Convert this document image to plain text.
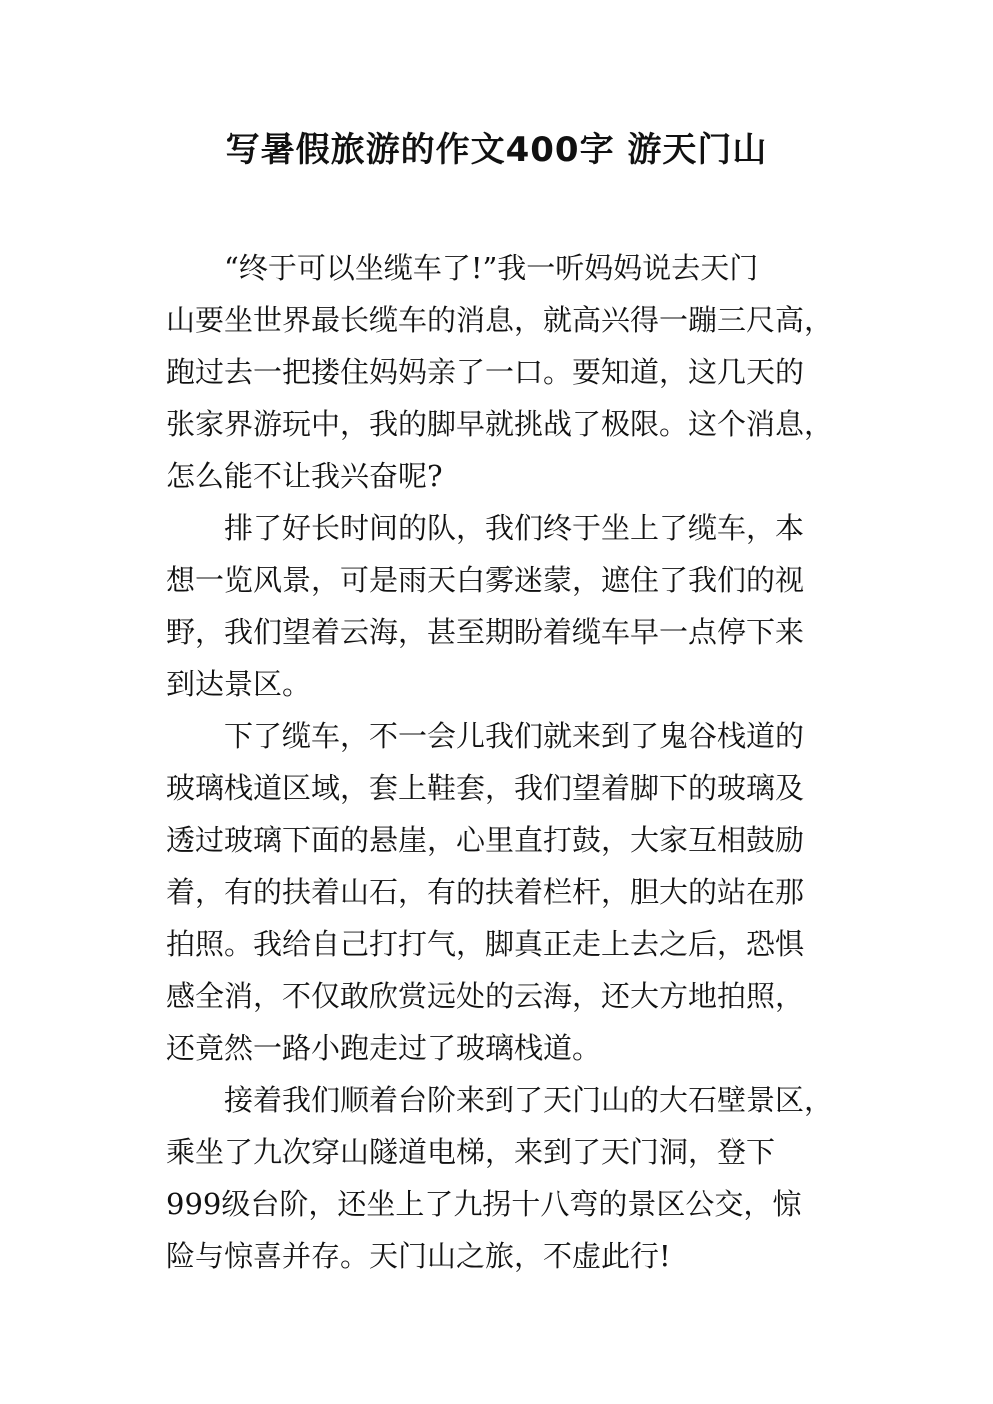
写暑假旅游的作文400字 游天门山

“终于可以坐缆车了!”我一听妈妈说去天门
山要坐世界最长缆车的消息，就高兴得一蹦三尺高，
跑过去一把搂住妈妈亲了一口。要知道，这几天的
张家界游玩中，我的脚早就挑战了极限。这个消息，
怎么能不让我兴奋呢?

排了好长时间的队，我们终于坐上了缆车，本
想一览风景，可是雨天白雾迷蒙，遮住了我们的视
野，我们望着云海，甚至期盼着缆车早一点停下来
到达景区。

下了缆车，不一会儿我们就来到了鬼谷栈道的
玻璃栈道区域，套上鞋套，我们望着脚下的玻璃及
透过玻璃下面的悬崖，心里直打鼓，大家互相鼓励
着，有的扶着山石，有的扶着栏杆，胆大的站在那
拍照。我给自己打打气，脚真正走上去之后，恐惧
感全消，不仅敢欣赏远处的云海，还大方地拍照，
还竟然一路小跑走过了玻璃栈道。

接着我们顺着台阶来到了天门山的大石壁景区，
乘坐了九次穿山隧道电梯，来到了天门洞，登下
999级台阶，还坐上了九拐十八弯的景区公交，惊
险与惊喜并存。天门山之旅，不虚此行!
